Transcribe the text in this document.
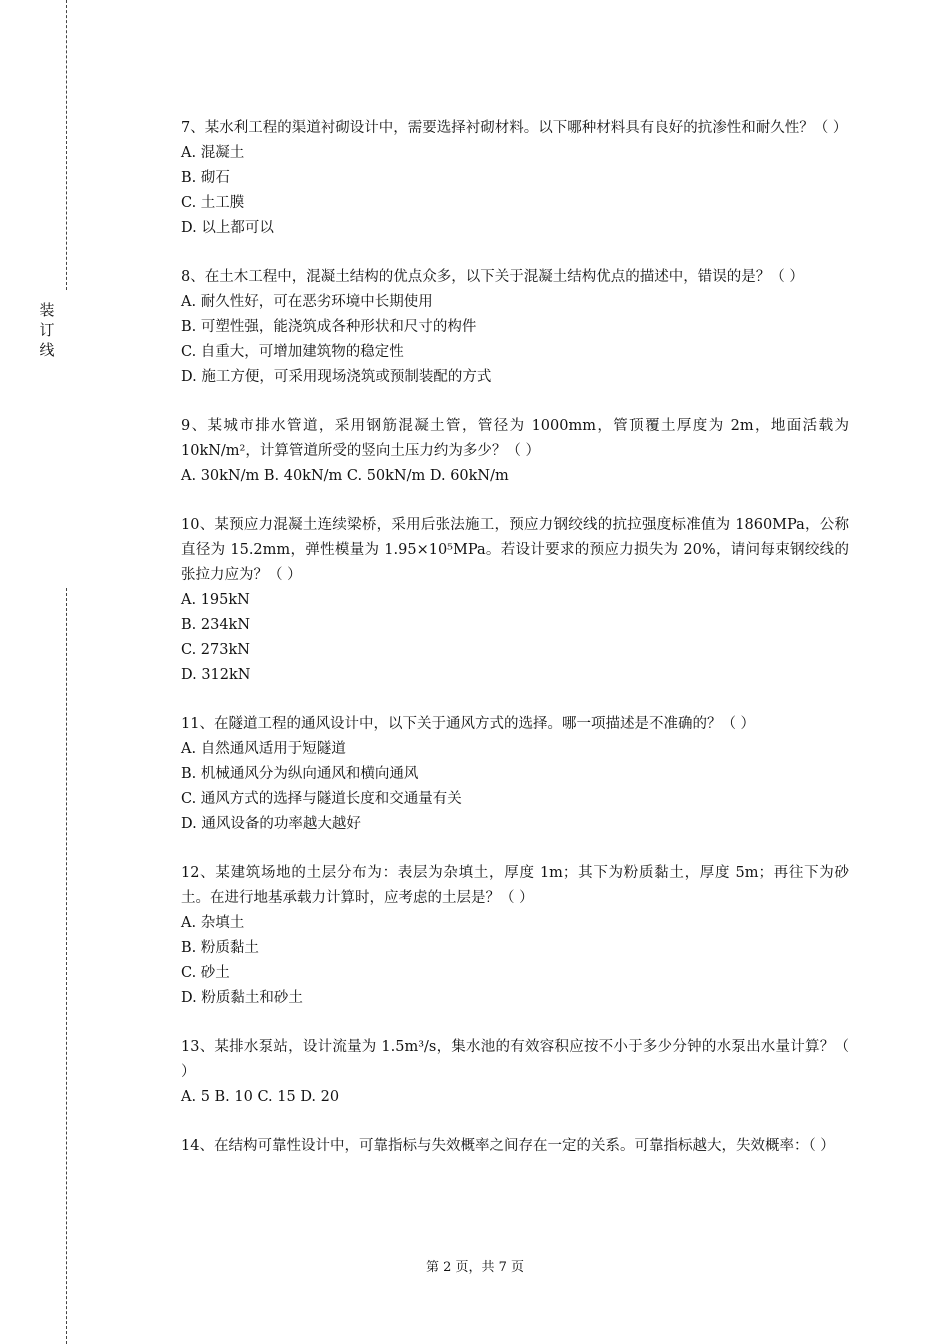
装
订
线
7、某水利工程的渠道衬砌设计中，需要选择衬砌材料。以下哪种材料具有良好的抗渗性和耐久性？（ ）
A. 混凝土
B. 砌石
C. 土工膜
D. 以上都可以
8、在土木工程中，混凝土结构的优点众多，以下关于混凝土结构优点的描述中，错误的是？（ ）
A. 耐久性好，可在恶劣环境中长期使用
B. 可塑性强，能浇筑成各种形状和尺寸的构件
C. 自重大，可增加建筑物的稳定性
D. 施工方便，可采用现场浇筑或预制装配的方式
9、某城市排水管道，采用钢筋混凝土管，管径为 1000mm，管顶覆土厚度为 2m，地面活载为 10kN/m²，计算管道所受的竖向土压力约为多少？（ ）
A. 30kN/m B. 40kN/m C. 50kN/m D. 60kN/m
10、某预应力混凝土连续梁桥，采用后张法施工，预应力钢绞线的抗拉强度标准值为 1860MPa，公称直径为 15.2mm，弹性模量为 1.95×10⁵MPa。若设计要求的预应力损失为 20%，请问每束钢绞线的张拉力应为？（ ）
A. 195kN
B. 234kN
C. 273kN
D. 312kN
11、在隧道工程的通风设计中，以下关于通风方式的选择。哪一项描述是不准确的？（ ）
A. 自然通风适用于短隧道
B. 机械通风分为纵向通风和横向通风
C. 通风方式的选择与隧道长度和交通量有关
D. 通风设备的功率越大越好
12、某建筑场地的土层分布为：表层为杂填土，厚度 1m；其下为粉质黏土，厚度 5m；再往下为砂土。在进行地基承载力计算时，应考虑的土层是？（ ）
A. 杂填土
B. 粉质黏土
C. 砂土
D. 粉质黏土和砂土
13、某排水泵站，设计流量为 1.5m³/s，集水池的有效容积应按不小于多少分钟的水泵出水量计算？（ ）
A. 5 B. 10 C. 15 D. 20
14、在结构可靠性设计中，可靠指标与失效概率之间存在一定的关系。可靠指标越大，失效概率：（ ）
第 2 页，共 7 页
